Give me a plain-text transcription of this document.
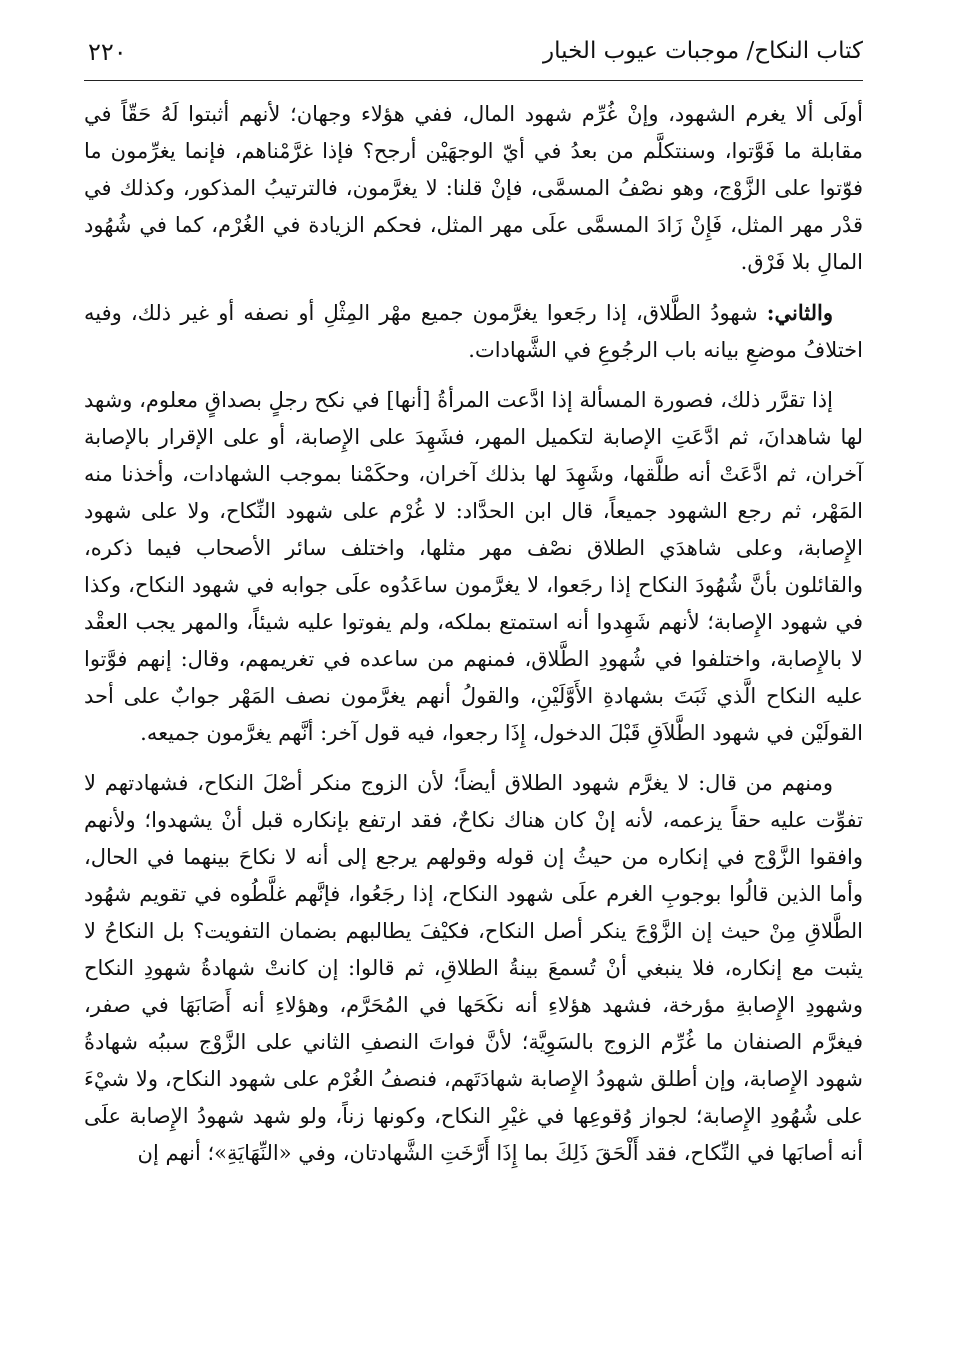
كتاب النكاح/ موجبات عيوب الخيار
٢٢٠

أولَى ألا يغرم الشهود، وإنْ غُرِّم شهود المال، ففي هؤلاء وجهان؛ لأنهم أثبتوا لَهُ حَقّاً في مقابلة ما فَوَّتوا، وسنتكلَّم من بعدُ في أيّ الوجهَيْن أرجح؟ فإذا غرَّمْناهم، فإنما يغرِّمون ما فوّتوا على الزَّوْج، وهو نصْفُ المسمَّى، فإنْ قلنا: لا يغرَّمون، فالترتيبُ المذكور، وكذلك في قدْر مهر المثل، فَإِنْ زَادَ المسمَّى علَى مهر المثل، فحكم الزيادة في الغُرْم، كما في شُهُود المالِ بلا فَرْق.

والثاني: شهودُ الطَّلاق، إذا رجَعوا يغرَّمون جميع مهْر المِثْلِ أو نصفه أو غير ذلك، وفيه اختلافُ موضعِ بيانه باب الرجُوعِ في الشَّهادات.

إذا تقرَّر ذلك، فصورة المسألة إذا ادَّعت المرأةُ [أنها] في نكح رجلٍ بصداقٍ معلوم، وشهد لها شاهدانَ، ثم ادَّعَتِ الإصابة لتكميل المهر، فشَهِدَ على الإِصابة، أو على الإقرار بالإصابة آخران، ثم ادَّعَتْ أنه طلَّقها، وشَهِدَ لها بذلك آخران، وحكَمْنا بموجب الشهادات، وأخذنا منه المَهْر، ثم رجع الشهود جميعاً، قال ابن الحدَّاد: لا غُرْم على شهود النِّكاح، ولا على شهود الإِصابة، وعلى شاهدَي الطلاق نصْف مهر مثلها، واختلف سائر الأصحاب فيما ذكره، والقائلون بأنَّ شُهُودَ النكاح إذا رجَعوا، لا يغرَّمون ساعَدُوه علَى جوابه في شهود النكاح، وكذا في شهود الإِصابة؛ لأنهم شَهِدوا أنه استمتع بملكه، ولم يفوتوا عليه شيئاً، والمهر يجب العقْد لا بالإِصابة، واختلفوا في شُهودِ الطَّلاق، فمنهم من ساعده في تغريمهم، وقال: إنهم فوَّتوا عليه النكاح الَّذي ثَبَتَ بشهادةِ الأَوَّلَيْنِ، والقولُ أنهم يغرَّمون نصف المَهْر جوابٌ على أحد القولَيْن في شهود الطَّلاَقِ قَبْلَ الدخول، إِذَا رجعوا، فيه قول آخر: أنَّهم يغرَّمون جميعه.

ومنهم من قال: لا يغرَّم شهود الطلاق أيضاً؛ لأن الزوج منكر أصْلَ النكاح، فشهادتهم لا تفوِّت عليه حقاً يزعمه، لأنه إنْ كان هناك نكاحٌ، فقد ارتفع بإنكاره قبل أنْ يشهدوا؛ ولأنهم وافقوا الزَّوْج في إنكاره من حيثُ إن قوله وقولهم يرجع إلى أنه لا نكاحَ بينهما في الحال، وأما الذين قالُوا بوجوبِ الغرم علَى شهود النكاح، إذا رجَعُوا، فإنَّهم غلَّطُوه في تقويم شهُود الطَّلاقِ مِنْ حيث إن الزَّوْجَ ينكر أصل النكاح، فكيْفَ يطالبهم بضمان التفويت؟ بل النكاحُ لا يثبت مع إنكاره، فلا ينبغي أنْ تُسمعَ بينةُ الطلاقِ، ثم قالوا: إن كانتْ شهادةُ شهودِ النكاح وشهودِ الإِصابةِ مؤرخة، فشهد هؤلاءِ أنه نكَحَها في المُحَرَّم، وهؤلاءِ أنه أَصَابَهَا في صفر، فيغرَّم الصنفان ما غُرِّم الزوج بالسَوِيَّة؛ لأنَّ فواتَ النصفِ الثاني على الزَّوْج سببُه شهادةُ شهود الإِصابة، وإن أطلق شهودُ الإِصابة شهادَتَهم، فنصفُ الغُرْم على شهود النكاح، ولا شيْءَ على شُهُودِ الإِصابة؛ لجواز وُقوعِها في غيْرِ النكاح، وكونها زناً، ولو شهد شهودُ الإِصابة علَى أنه أصابَها في النِّكاح، فقد أَلْحَقَ ذَلِكَ بما إِذَا أَرَّخَتِ الشَّهادتان، وفي «النِّهَايَةِ»؛ أنهم إن
